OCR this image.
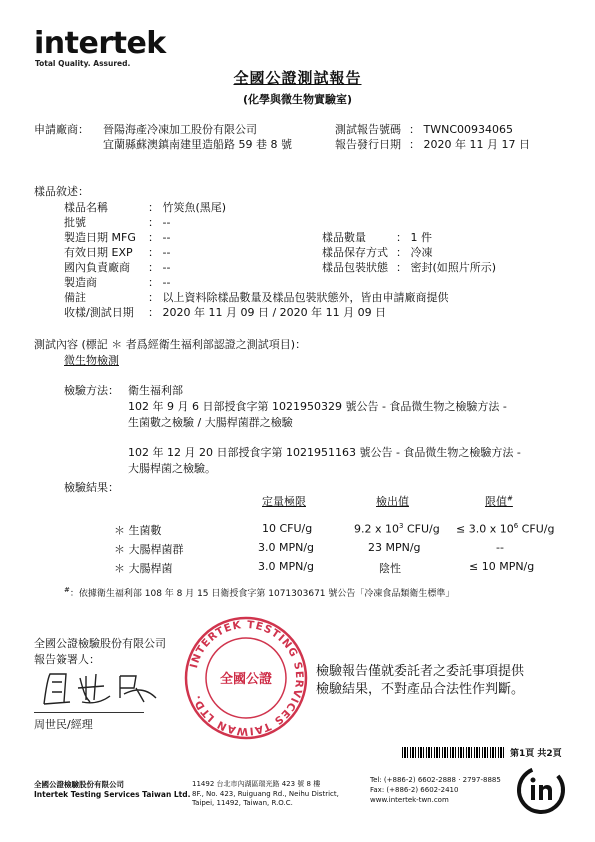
intertek
Total Quality. Assured.
全國公證測試報告
(化學與微生物實驗室)
申請廠商： 晉陽海產冷凍加工股份有限公司
宜蘭縣蘇澳鎮南建里造船路 59 巷 8 號
測試報告號碼 ： TWNC00934065
報告發行日期 ： 2020 年 11 月 17 日
樣品敘述：
樣品名稱	： 竹筴魚(黑尾)
批號	： --
製造日期 MFG ： --
有效日期 EXP ： --
國內負責廠商 ： --
製造商	： --
備註	： 以上資料除樣品數量及樣品包裝狀態外，皆由申請廠商提供
收樣/測試日期 ： 2020 年 11 月 09 日 / 2020 年 11 月 09 日
樣品數量	： 1 件
樣品保存方式 ： 冷凍
樣品包裝狀態 ： 密封(如照片所示)
測試內容 (標記 ＊ 者爲經衛生福利部認證之測試項目)：
微生物檢測
檢驗方法： 衛生福利部
102 年 9 月 6 日部授食字第 1021950329 號公告 - 食品微生物之檢驗方法 -
生菌數之檢驗 / 大腸桿菌群之檢驗
102 年 12 月 20 日部授食字第 1021951163 號公告 - 食品微生物之檢驗方法 -
大腸桿菌之檢驗。
檢驗結果：
定量極限	檢出值	限值#
＊ 生菌數	10 CFU/g	9.2 x $10^3$ CFU/g ≤ 3.0 x $10^6$ CFU/g
＊ 大腸桿菌群	3.0 MPN/g	23 MPN/g	--
＊ 大腸桿菌	3.0 MPN/g	陰性	≤ 10 MPN/g
#：依據衛生福利部 108 年 8 月 15 日衛授食字第 1071303671 號公告「冷凍食品類衛生標準」
全國公證檢驗股份有限公司
報告簽署人：
周世民/經理
INTERTEK TESTING SERVICES TAIWAN LTD.
全國公證
檢驗報告僅就委託者之委託事項提供
檢驗結果，不對產品合法性作判斷。
第1頁 共2頁
全國公證檢驗股份有限公司
Intertek Testing Services Taiwan Ltd.
11492 台北市內湖區瑞光路 423 號 8 樓
8F., No. 423, Ruiguang Rd., Neihu District,
Taipei, 11492, Taiwan, R.O.C.
Tel: (+886-2) 6602-2888 · 2797-8885
Fax: (+886-2) 6602-2410
www.intertek-twn.com
